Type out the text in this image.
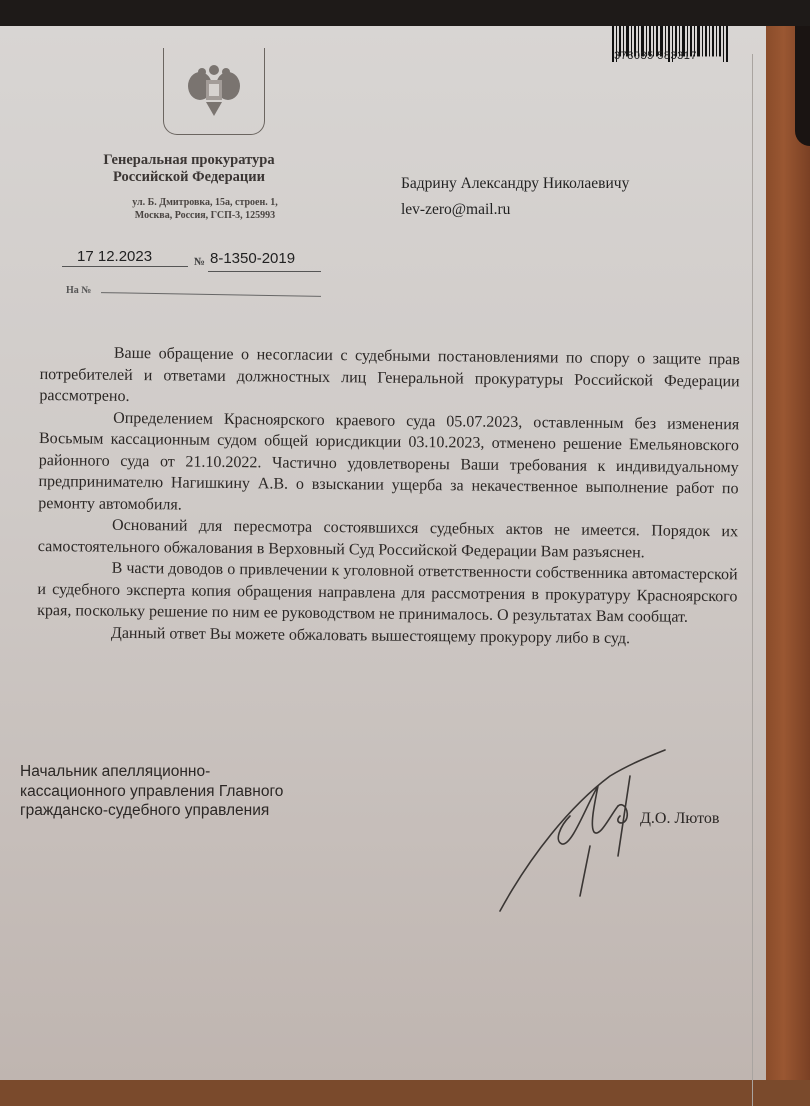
Генеральная прокуратура
Российской Федерации
ул. Б. Дмитровка, 15а, строен. 1,
Москва, Россия, ГСП-3, 125993
Бадрину Александру Николаевичу
lev-zero@mail.ru
17 12.2023	№ 8-1350-2019
На №

Ваше обращение о несогласии с судебными постановлениями по спору о защите прав потребителей и ответами должностных лиц Генеральной прокуратуры Российской Федерации рассмотрено.

Определением Красноярского краевого суда 05.07.2023, оставленным без изменения Восьмым кассационным судом общей юрисдикции 03.10.2023, отменено решение Емельяновского районного суда от 21.10.2022. Частично удовлетворены Ваши требования к индивидуальному предпринимателю Нагишкину А.В. о взыскании ущерба за некачественное выполнение работ по ремонту автомобиля.

Оснований для пересмотра состоявшихся судебных актов не имеется. Порядок их самостоятельного обжалования в Верховный Суд Российской Федерации Вам разъяснен.

В части доводов о привлечении к уголовной ответственности собственника автомастерской и судебного эксперта копия обращения направлена для рассмотрения в прокуратуру Красноярского края, поскольку решение по ним ее руководством не принималось. О результатах Вам сообщат.

Данный ответ Вы можете обжаловать вышестоящему прокурору либо в суд.

Начальник апелляционно-
кассационного управления Главного
гражданско-судебного управления	Д.О. Лютов
378035 583317
